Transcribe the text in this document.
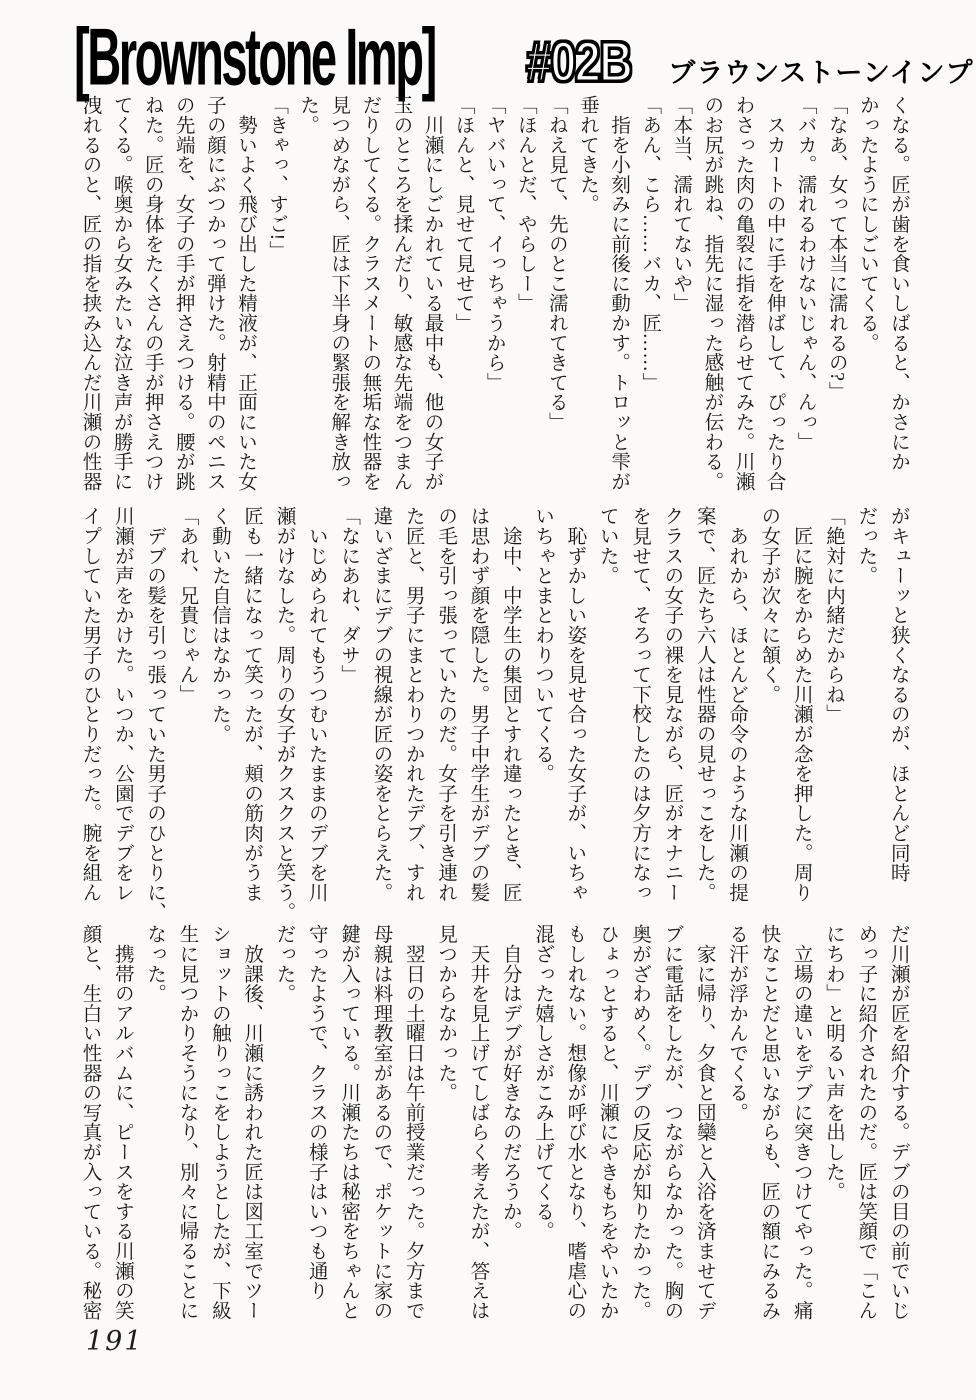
[Brownstone Imp] #02B ブラウンストーンインプ
くなる。匠が歯を食いしばると、かさにか
かったようにしごいてくる。
「なあ、女って本当に濡れるの?」
「バカ。濡れるわけないじゃん、んっ」
　スカートの中に手を伸ばして、ぴったり合
わさった肉の亀裂に指を潜らせてみた。川瀬
のお尻が跳ね、指先に湿った感触が伝わる。
「本当、濡れてないや」
「あん、こら……バカ、匠……」
　指を小刻みに前後に動かす。トロッと雫が
垂れてきた。
「ねえ見て、先のとこ濡れてきてる」
「ほんとだ、やらしー」
「ヤバいって、イっちゃうから」
「ほんと、見せて見せて」
　川瀬にしごかれている最中も、他の女子が
玉のところを揉んだり、敏感な先端をつまん
だりしてくる。クラスメートの無垢な性器を
見つめながら、匠は下半身の緊張を解き放っ
た。
「きゃっ、すご!」
　勢いよく飛び出した精液が、正面にいた女
子の顔にぶつかって弾けた。射精中のペニス
の先端を、女子の手が押さえつける。腰が跳
ねた。匠の身体をたくさんの手が押さえつけ
てくる。喉奥から女みたいな泣き声が勝手に
洩れるのと、匠の指を挟み込んだ川瀬の性器
がキューッと狭くなるのが、ほとんど同時
だった。
「絶対に内緒だからね」
　匠に腕をからめた川瀬が念を押した。周り
の女子が次々に頷く。
　あれから、ほとんど命令のような川瀬の提
案で、匠たち六人は性器の見せっこをした。
クラスの女子の裸を見ながら、匠がオナニー
を見せて、そろって下校したのは夕方になっ
ていた。
　恥ずかしい姿を見せ合った女子が、いちゃ
いちゃとまとわりついてくる。
　途中、中学生の集団とすれ違ったとき、匠
は思わず顔を隠した。男子中学生がデブの髪
の毛を引っ張っていたのだ。女子を引き連れ
た匠と、男子にまとわりつかれたデブ、すれ
違いざまにデブの視線が匠の姿をとらえた。
「なにあれ、ダサ」
　いじめられてもうつむいたままのデブを川
瀬がけなした。周りの女子がクスクスと笑う。
匠も一緒になって笑ったが、頬の筋肉がうま
く動いた自信はなかった。
「あれ、兄貴じゃん」
　デブの髪を引っ張っていた男子のひとりに、
川瀬が声をかけた。いつか、公園でデブをレ
イプしていた男子のひとりだった。腕を組ん
だ川瀬が匠を紹介する。デブの目の前でいじ
めっ子に紹介されたのだ。匠は笑顔で「こん
にちわ」と明るい声を出した。
　立場の違いをデブに突きつけてやった。痛
快なことだと思いながらも、匠の額にみるみ
る汗が浮かんでくる。
　家に帰り、夕食と団欒と入浴を済ませてデ
ブに電話をしたが、つながらなかった。胸の
奥がざわめく。デブの反応が知りたかった。
ひょっとすると、川瀬にやきもちをやいたか
もしれない。想像が呼び水となり、嗜虐心の
混ざった嬉しさがこみ上げてくる。
　自分はデブが好きなのだろうか。
　天井を見上げてしばらく考えたが、答えは
見つからなかった。
　翌日の土曜日は午前授業だった。夕方まで
母親は料理教室があるので、ポケットに家の
鍵が入っている。川瀬たちは秘密をちゃんと
守ったようで、クラスの様子はいつも通り
だった。
　放課後、川瀬に誘われた匠は図工室でツー
ショットの触りっこをしようとしたが、下級
生に見つかりそうになり、別々に帰ることに
なった。
　携帯のアルバムに、ピースをする川瀬の笑
顔と、生白い性器の写真が入っている。秘密
191
